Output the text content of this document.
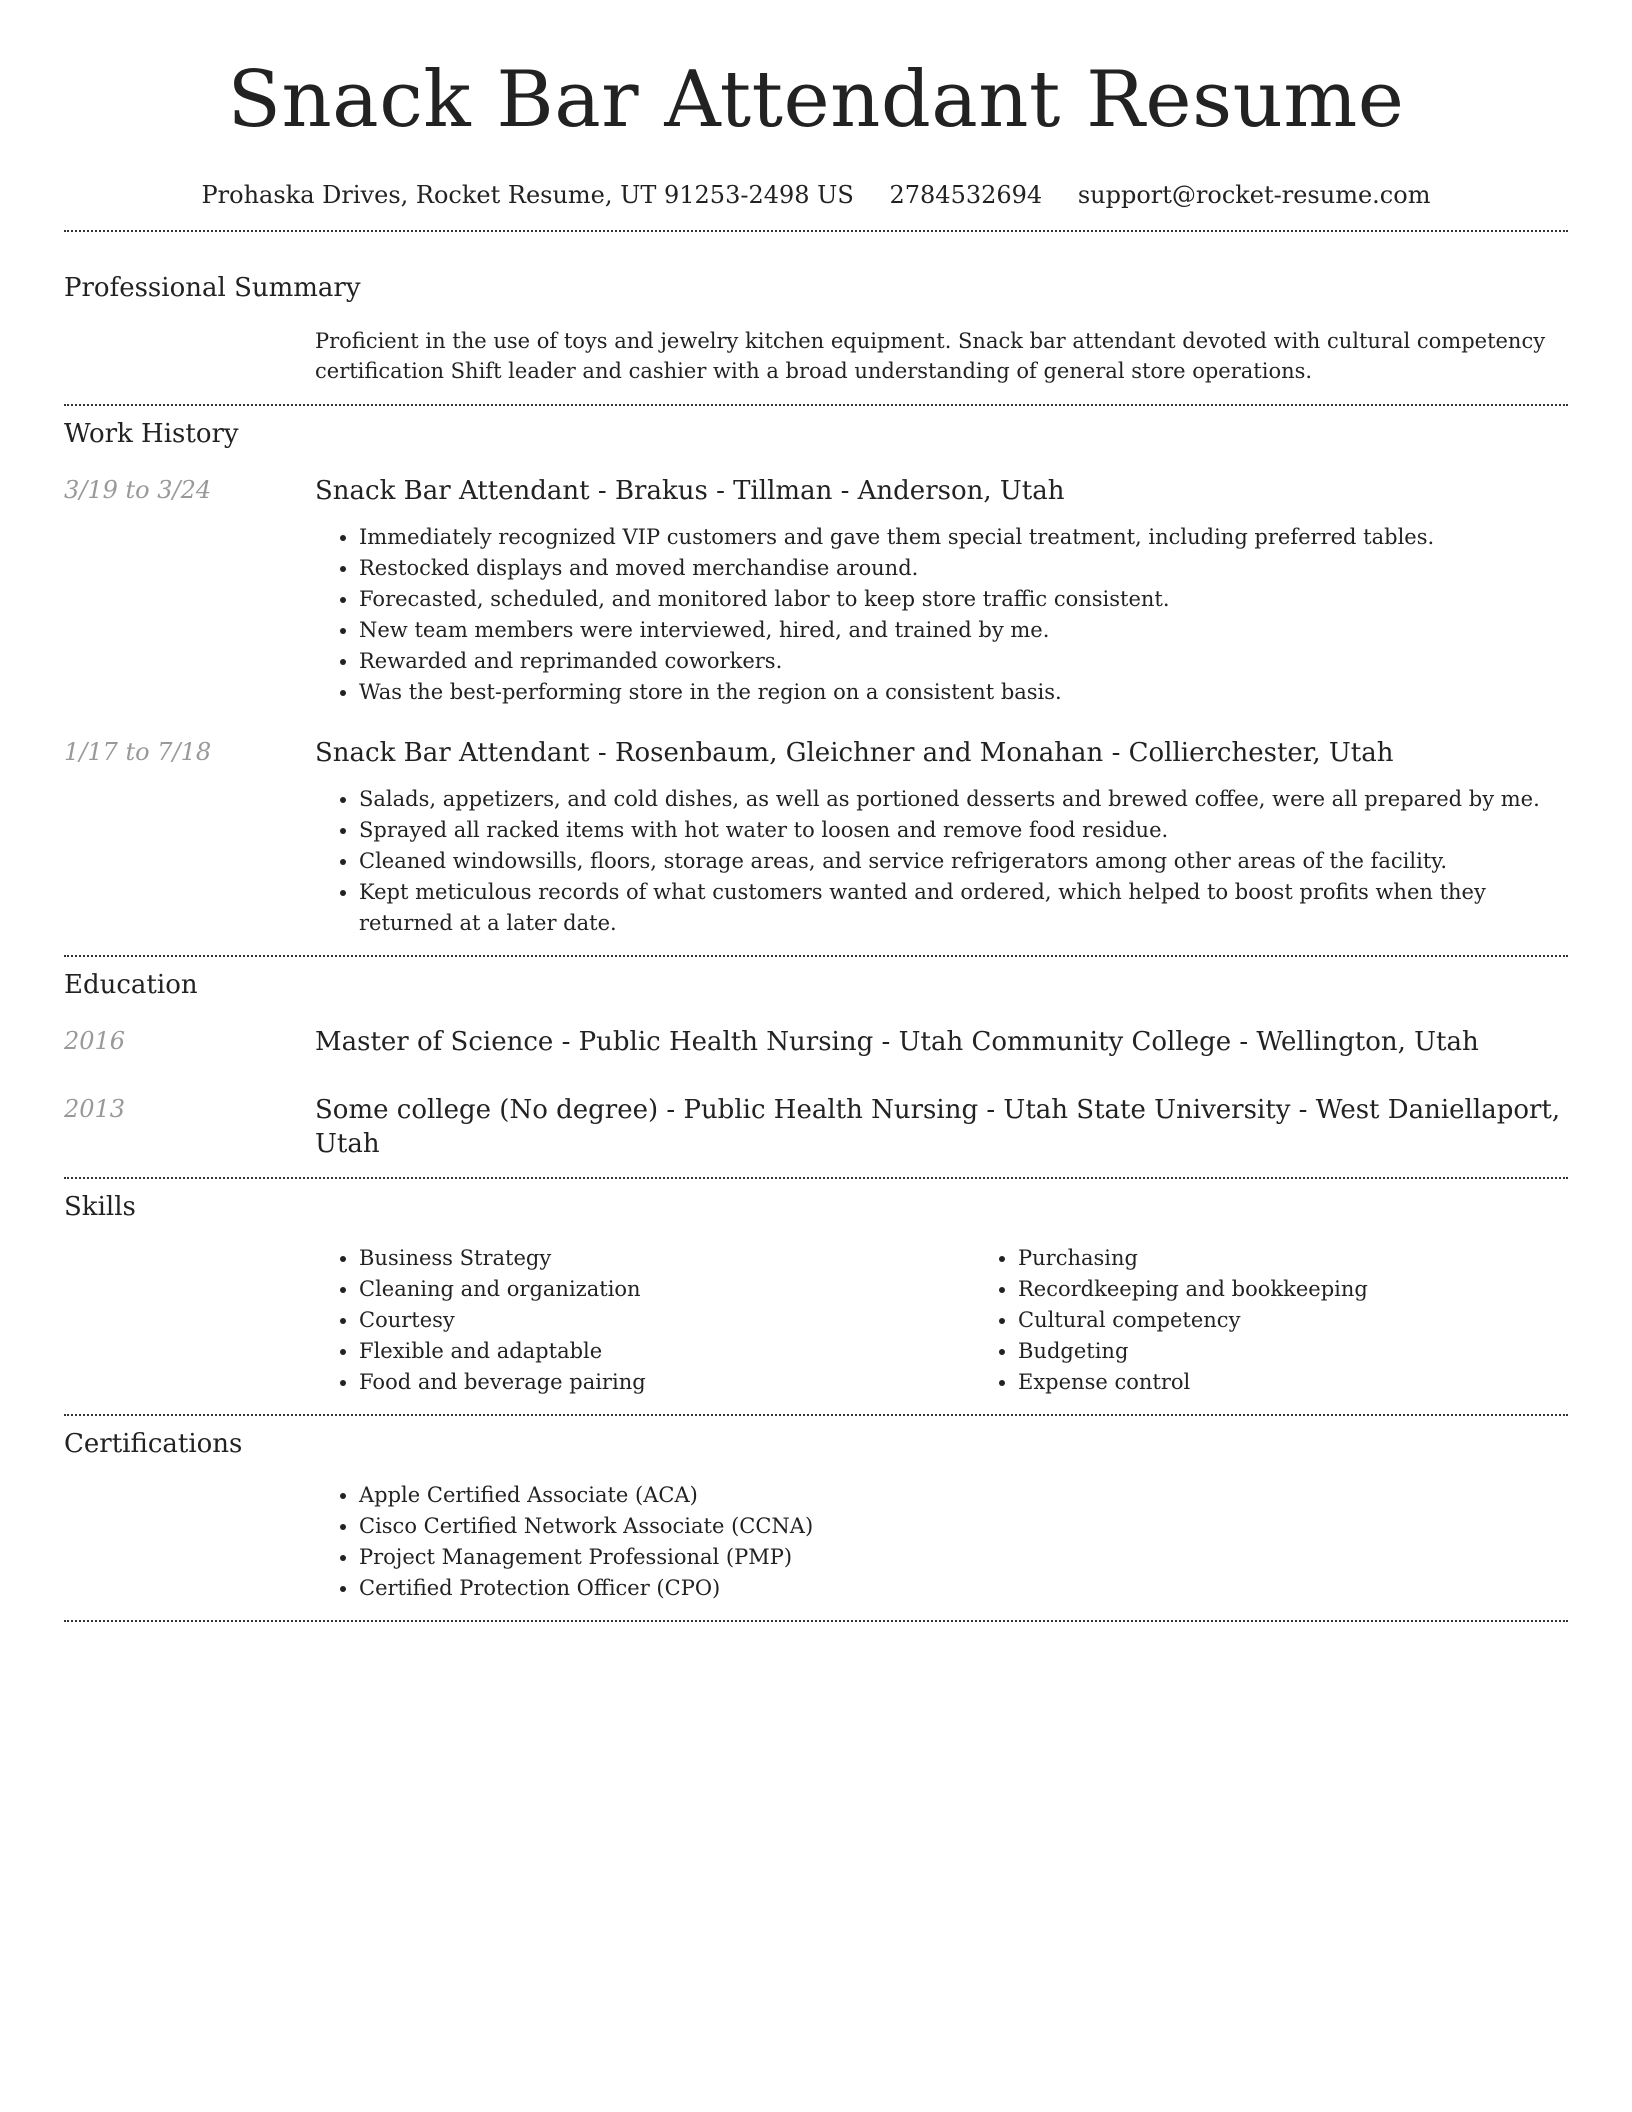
Snack Bar Attendant Resume
Prohaska Drives, Rocket Resume, UT 91253-2498 US 2784532694 support@rocket-resume.com
Professional Summary
Proficient in the use of toys and jewelry kitchen equipment. Snack bar attendant devoted with cultural competency certification Shift leader and cashier with a broad understanding of general store operations.
Work History
3/19 to 3/24	Snack Bar Attendant - Brakus - Tillman - Anderson, Utah
• Immediately recognized VIP customers and gave them special treatment, including preferred tables.
• Restocked displays and moved merchandise around.
• Forecasted, scheduled, and monitored labor to keep store traffic consistent.
• New team members were interviewed, hired, and trained by me.
• Rewarded and reprimanded coworkers.
• Was the best-performing store in the region on a consistent basis.
1/17 to 7/18	Snack Bar Attendant - Rosenbaum, Gleichner and Monahan - Collierchester, Utah
• Salads, appetizers, and cold dishes, as well as portioned desserts and brewed coffee, were all prepared by me.
• Sprayed all racked items with hot water to loosen and remove food residue.
• Cleaned windowsills, floors, storage areas, and service refrigerators among other areas of the facility.
• Kept meticulous records of what customers wanted and ordered, which helped to boost profits when they returned at a later date.
Education
2016	Master of Science - Public Health Nursing - Utah Community College - Wellington, Utah
2013	Some college (No degree) - Public Health Nursing - Utah State University - West Daniellaport, Utah
Skills
• Business Strategy
• Cleaning and organization
• Courtesy
• Flexible and adaptable
• Food and beverage pairing
• Purchasing
• Recordkeeping and bookkeeping
• Cultural competency
• Budgeting
• Expense control
Certifications
• Apple Certified Associate (ACA)
• Cisco Certified Network Associate (CCNA)
• Project Management Professional (PMP)
• Certified Protection Officer (CPO)
